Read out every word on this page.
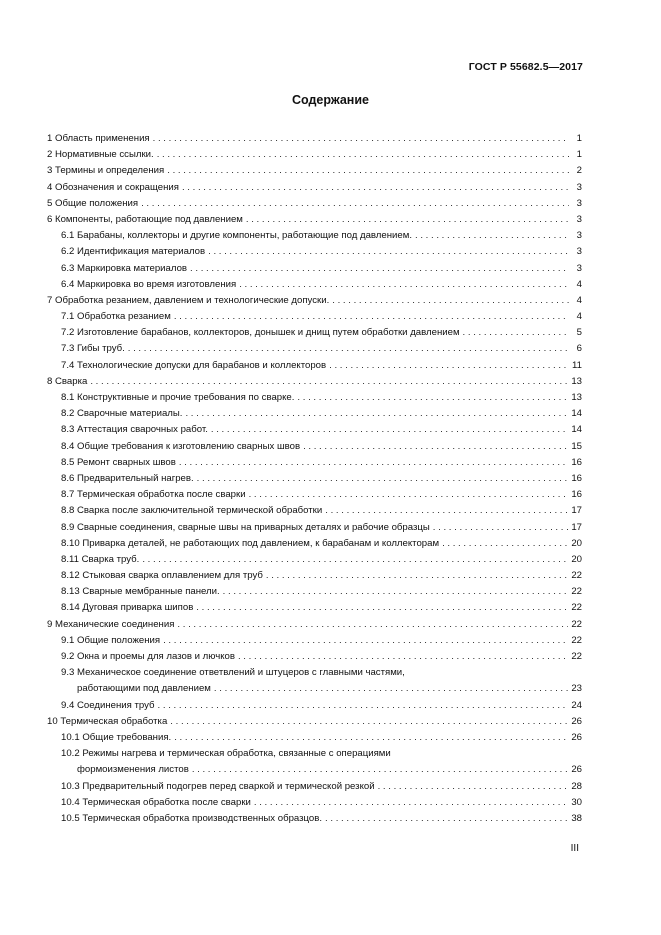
ГОСТ Р 55682.5—2017
Содержание
1 Область применения . . .	1
2 Нормативные ссылки. . . .	1
3 Термины и определения . . .	2
4 Обозначения и сокращения . . .	3
5 Общие положения . . .	3
6 Компоненты, работающие под давлением . . .	3
6.1 Барабаны, коллекторы и другие компоненты, работающие под давлением. . . .	3
6.2 Идентификация материалов . . .	3
6.3 Маркировка материалов . . .	3
6.4 Маркировка во время изготовления . . .	4
7 Обработка резанием, давлением и технологические допуски. . . .	4
7.1 Обработка резанием . . .	4
7.2 Изготовление барабанов, коллекторов, донышек и днищ путем обработки давлением . . .	5
7.3 Гибы труб. . . .	6
7.4 Технологические допуски для барабанов и коллекторов . . .	11
8 Сварка . . .	13
8.1 Конструктивные и прочие требования по сварке. . . .	13
8.2 Сварочные материалы. . . .	14
8.3 Аттестация сварочных работ. . . .	14
8.4 Общие требования к изготовлению сварных швов . . .	15
8.5 Ремонт сварных швов . . .	16
8.6 Предварительный нагрев. . . .	16
8.7 Термическая обработка после сварки . . .	16
8.8 Сварка после заключительной термической обработки . . .	17
8.9 Сварные соединения, сварные швы на приварных деталях и рабочие образцы . . .	17
8.10 Приварка деталей, не работающих под давлением, к барабанам и коллекторам . . .	20
8.11 Сварка труб. . . .	20
8.12 Стыковая сварка оплавлением для труб . . .	22
8.13 Сварные мембранные панели. . . .	22
8.14 Дуговая приварка шипов . . .	22
9 Механические соединения . . .	22
9.1 Общие положения . . .	22
9.2 Окна и проемы для лазов и лючков . . .	22
9.3 Механическое соединение ответвлений и штуцеров с главными частями,
работающими под давлением . . .	23
9.4 Соединения труб . . .	24
10 Термическая обработка . . .	26
10.1 Общие требования. . . .	26
10.2 Режимы нагрева и термическая обработка, связанные с операциями
формоизменения листов . . .	26
10.3 Предварительный подогрев перед сваркой и термической резкой . . .	28
10.4 Термическая обработка после сварки . . .	30
10.5 Термическая обработка производственных образцов. . . .	38
III
